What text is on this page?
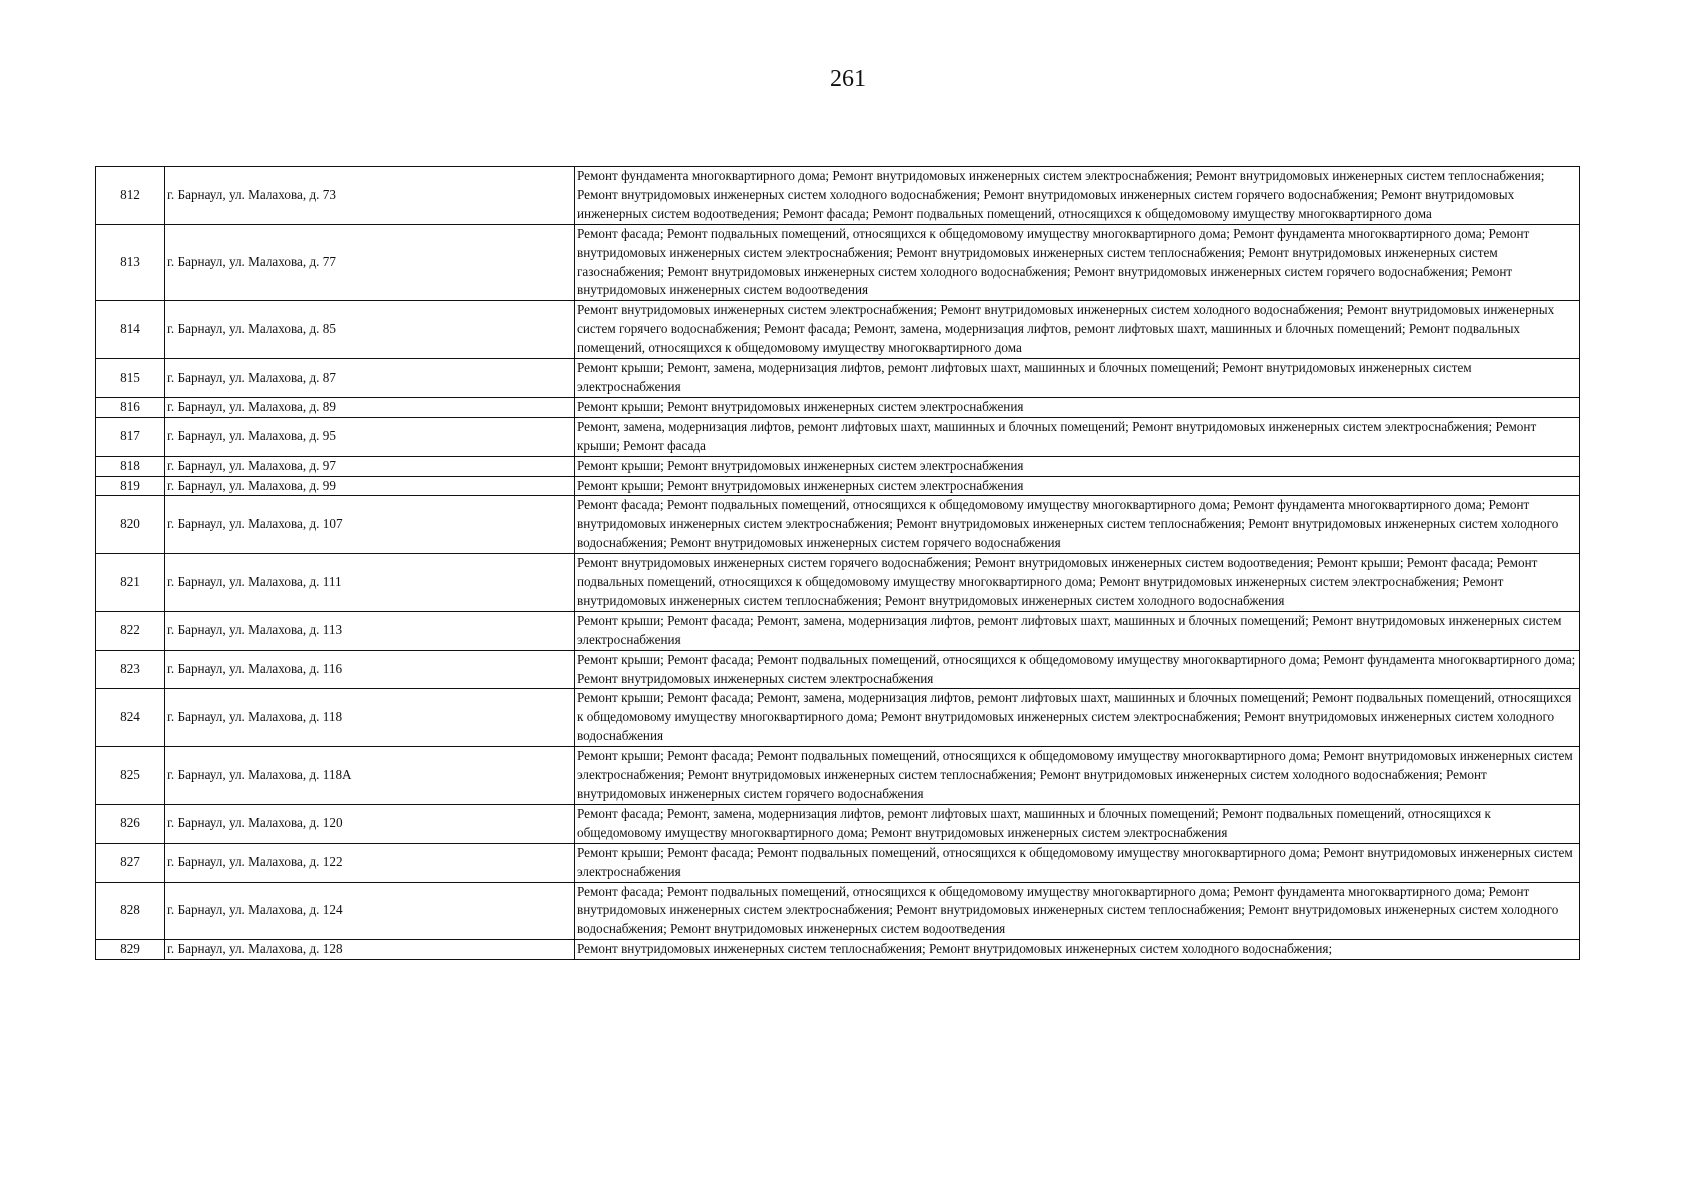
261
812	г. Барнаул, ул. Малахова, д. 73	Ремонт фундамента многоквартирного дома; Ремонт внутридомовых инженерных систем электроснабжения; Ремонт внутридомовых инженерных систем теплоснабжения; Ремонт внутридомовых инженерных систем холодного водоснабжения; Ремонт внутридомовых инженерных систем горячего водоснабжения; Ремонт внутридомовых инженерных систем водоотведения; Ремонт фасада; Ремонт подвальных помещений, относящихся к общедомовому имуществу многоквартирного дома
813	г. Барнаул, ул. Малахова, д. 77	Ремонт фасада; Ремонт подвальных помещений, относящихся к общедомовому имуществу многоквартирного дома; Ремонт фундамента многоквартирного дома; Ремонт внутридомовых инженерных систем электроснабжения; Ремонт внутридомовых инженерных систем теплоснабжения; Ремонт внутридомовых инженерных систем газоснабжения; Ремонт внутридомовых инженерных систем холодного водоснабжения; Ремонт внутридомовых инженерных систем горячего водоснабжения; Ремонт внутридомовых инженерных систем водоотведения
814	г. Барнаул, ул. Малахова, д. 85	Ремонт внутридомовых инженерных систем электроснабжения; Ремонт внутридомовых инженерных систем холодного водоснабжения; Ремонт внутридомовых инженерных систем горячего водоснабжения; Ремонт фасада; Ремонт, замена, модернизация лифтов, ремонт лифтовых шахт, машинных и блочных помещений; Ремонт подвальных помещений, относящихся к общедомовому имуществу многоквартирного дома
815	г. Барнаул, ул. Малахова, д. 87	Ремонт крыши; Ремонт, замена, модернизация лифтов, ремонт лифтовых шахт, машинных и блочных помещений; Ремонт внутридомовых инженерных систем электроснабжения
816	г. Барнаул, ул. Малахова, д. 89	Ремонт крыши; Ремонт внутридомовых инженерных систем электроснабжения
817	г. Барнаул, ул. Малахова, д. 95	Ремонт, замена, модернизация лифтов, ремонт лифтовых шахт, машинных и блочных помещений; Ремонт внутридомовых инженерных систем электроснабжения; Ремонт крыши; Ремонт фасада
818	г. Барнаул, ул. Малахова, д. 97	Ремонт крыши; Ремонт внутридомовых инженерных систем электроснабжения
819	г. Барнаул, ул. Малахова, д. 99	Ремонт крыши; Ремонт внутридомовых инженерных систем электроснабжения
820	г. Барнаул, ул. Малахова, д. 107	Ремонт фасада; Ремонт подвальных помещений, относящихся к общедомовому имуществу многоквартирного дома; Ремонт фундамента многоквартирного дома; Ремонт внутридомовых инженерных систем электроснабжения; Ремонт внутридомовых инженерных систем теплоснабжения; Ремонт внутридомовых инженерных систем холодного водоснабжения; Ремонт внутридомовых инженерных систем горячего водоснабжения
821	г. Барнаул, ул. Малахова, д. 111	Ремонт внутридомовых инженерных систем горячего водоснабжения; Ремонт внутридомовых инженерных систем водоотведения; Ремонт крыши; Ремонт фасада; Ремонт подвальных помещений, относящихся к общедомовому имуществу многоквартирного дома; Ремонт внутридомовых инженерных систем электроснабжения; Ремонт внутридомовых инженерных систем теплоснабжения; Ремонт внутридомовых инженерных систем холодного водоснабжения
822	г. Барнаул, ул. Малахова, д. 113	Ремонт крыши; Ремонт фасада; Ремонт, замена, модернизация лифтов, ремонт лифтовых шахт, машинных и блочных помещений; Ремонт внутридомовых инженерных систем электроснабжения
823	г. Барнаул, ул. Малахова, д. 116	Ремонт крыши; Ремонт фасада; Ремонт подвальных помещений, относящихся к общедомовому имуществу многоквартирного дома; Ремонт фундамента многоквартирного дома; Ремонт внутридомовых инженерных систем электроснабжения
824	г. Барнаул, ул. Малахова, д. 118	Ремонт крыши; Ремонт фасада; Ремонт, замена, модернизация лифтов, ремонт лифтовых шахт, машинных и блочных помещений; Ремонт подвальных помещений, относящихся к общедомовому имуществу многоквартирного дома; Ремонт внутридомовых инженерных систем электроснабжения; Ремонт внутридомовых инженерных систем холодного водоснабжения
825	г. Барнаул, ул. Малахова, д. 118А	Ремонт крыши; Ремонт фасада; Ремонт подвальных помещений, относящихся к общедомовому имуществу многоквартирного дома; Ремонт внутридомовых инженерных систем электроснабжения; Ремонт внутридомовых инженерных систем теплоснабжения; Ремонт внутридомовых инженерных систем холодного водоснабжения; Ремонт внутридомовых инженерных систем горячего водоснабжения
826	г. Барнаул, ул. Малахова, д. 120	Ремонт фасада; Ремонт, замена, модернизация лифтов, ремонт лифтовых шахт, машинных и блочных помещений; Ремонт подвальных помещений, относящихся к общедомовому имуществу многоквартирного дома; Ремонт внутридомовых инженерных систем электроснабжения
827	г. Барнаул, ул. Малахова, д. 122	Ремонт крыши; Ремонт фасада; Ремонт подвальных помещений, относящихся к общедомовому имуществу многоквартирного дома; Ремонт внутридомовых инженерных систем электроснабжения
828	г. Барнаул, ул. Малахова, д. 124	Ремонт фасада; Ремонт подвальных помещений, относящихся к общедомовому имуществу многоквартирного дома; Ремонт фундамента многоквартирного дома; Ремонт внутридомовых инженерных систем электроснабжения; Ремонт внутридомовых инженерных систем теплоснабжения; Ремонт внутридомовых инженерных систем холодного водоснабжения; Ремонт внутридомовых инженерных систем водоотведения
829	г. Барнаул, ул. Малахова, д. 128	Ремонт внутридомовых инженерных систем теплоснабжения; Ремонт внутридомовых инженерных систем холодного водоснабжения;
